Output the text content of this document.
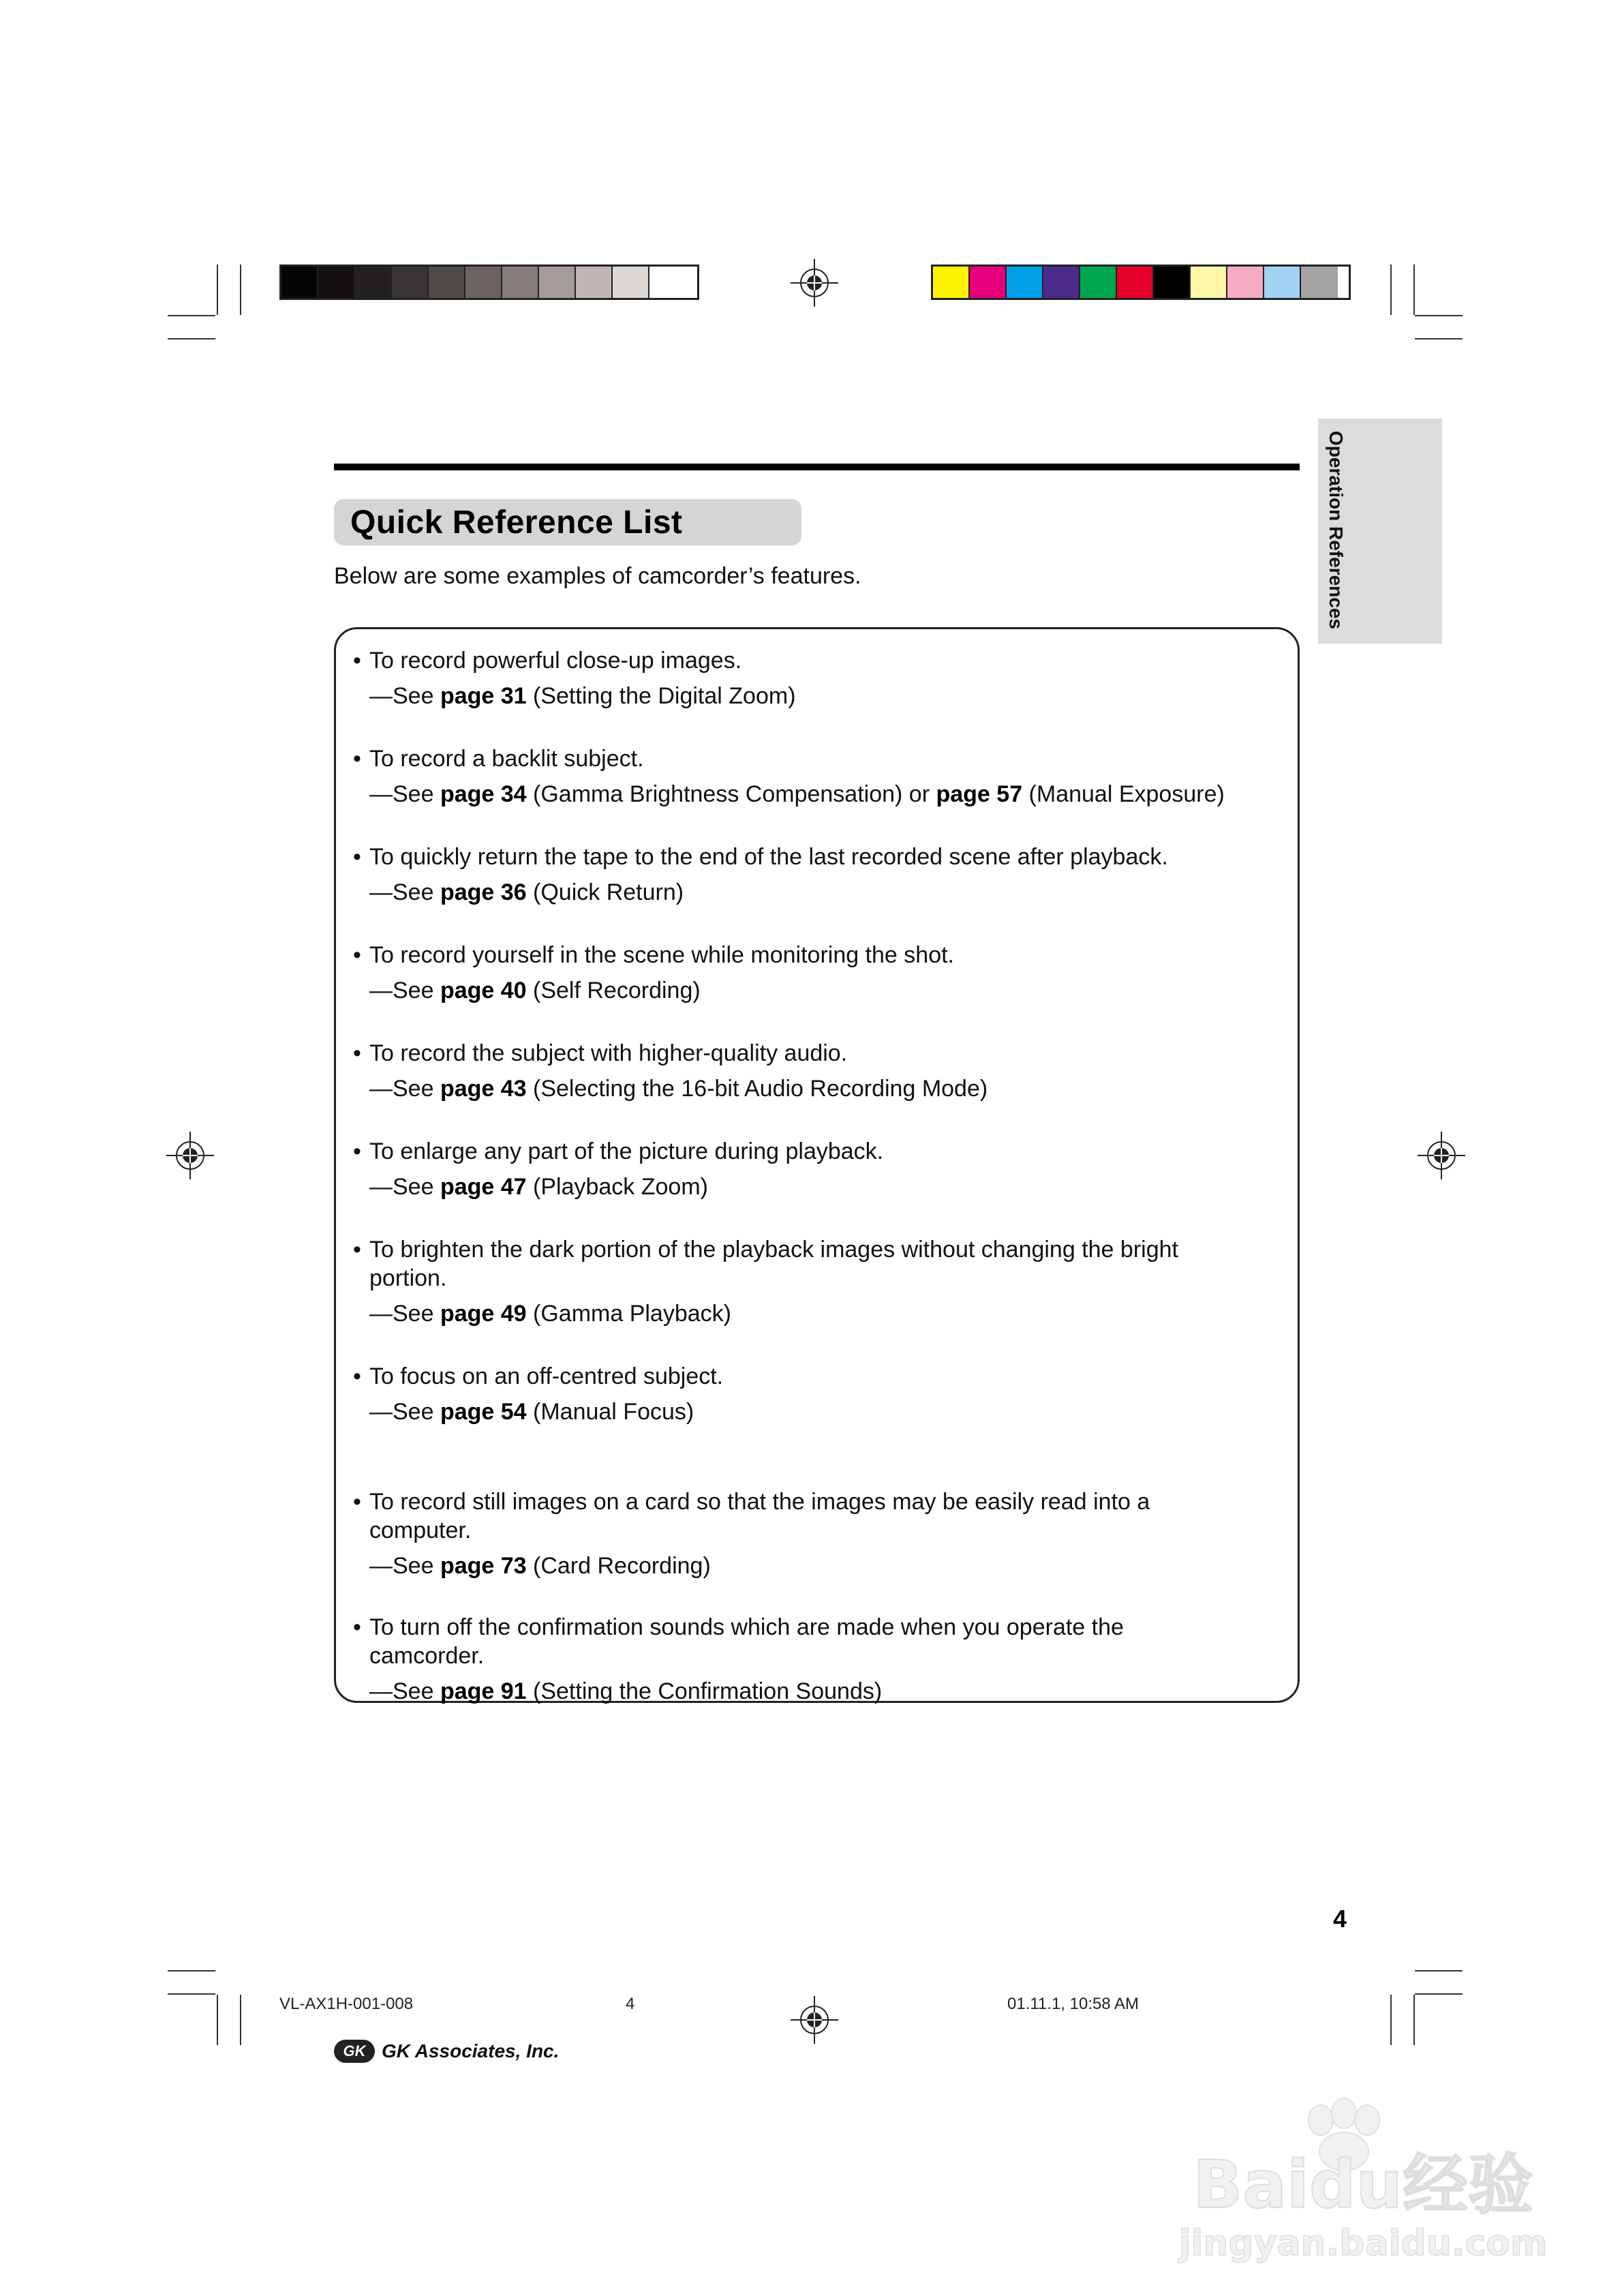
Operation References
Quick Reference List
Below are some examples of camcorder’s features.
• To record powerful close-up images.
—See page 31 (Setting the Digital Zoom)
• To record a backlit subject.
—See page 34 (Gamma Brightness Compensation) or page 57 (Manual Exposure)
• To quickly return the tape to the end of the last recorded scene after playback.
—See page 36 (Quick Return)
• To record yourself in the scene while monitoring the shot.
—See page 40 (Self Recording)
• To record the subject with higher-quality audio.
—See page 43 (Selecting the 16-bit Audio Recording Mode)
• To enlarge any part of the picture during playback.
—See page 47 (Playback Zoom)
• To brighten the dark portion of the playback images without changing the bright
portion.
—See page 49 (Gamma Playback)
• To focus on an off-centred subject.
—See page 54 (Manual Focus)
• To record still images on a card so that the images may be easily read into a
computer.
—See page 73 (Card Recording)
• To turn off the confirmation sounds which are made when you operate the
camcorder.
—See page 91 (Setting the Confirmation Sounds)
4
VL-AX1H-001-008	4	01.11.1, 10:58 AM
GK GK Associates, Inc.
Baidu经验
jingyan.baidu.com
